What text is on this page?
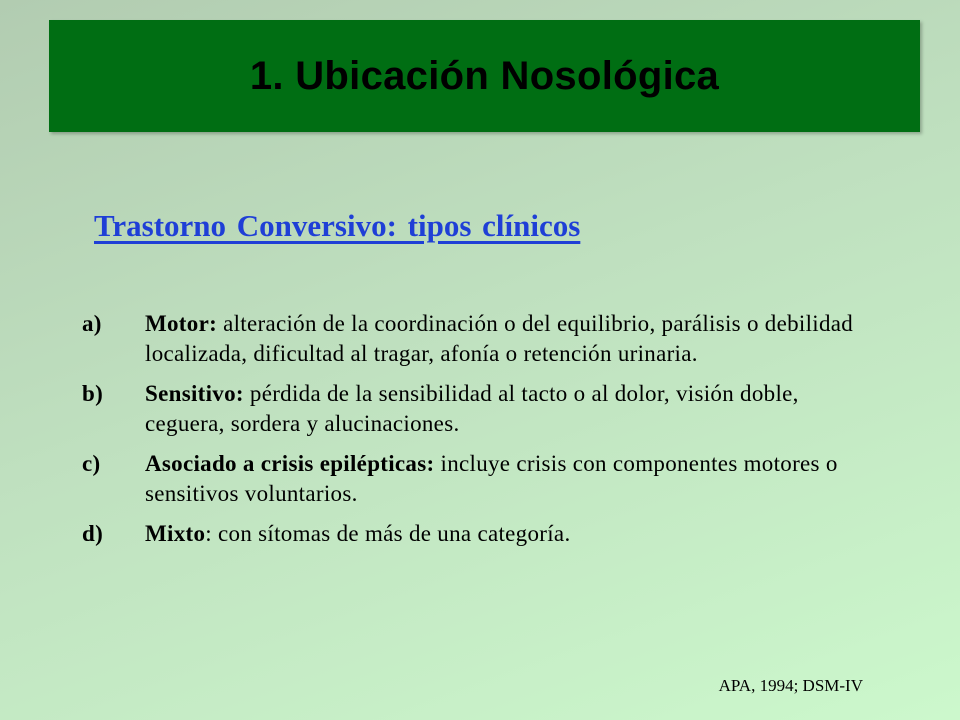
1. Ubicación Nosológica
Trastorno Conversivo: tipos clínicos
a)	Motor: alteración de la coordinación o del equilibrio, parálisis o debilidad localizada, dificultad al tragar, afonía o retención urinaria.
b)	Sensitivo: pérdida de la sensibilidad al tacto o al dolor, visión doble, ceguera, sordera y alucinaciones.
c)	Asociado a crisis epilépticas: incluye crisis con componentes motores o sensitivos voluntarios.
d)	Mixto: con sítomas de más de una categoría.
APA, 1994; DSM-IV
